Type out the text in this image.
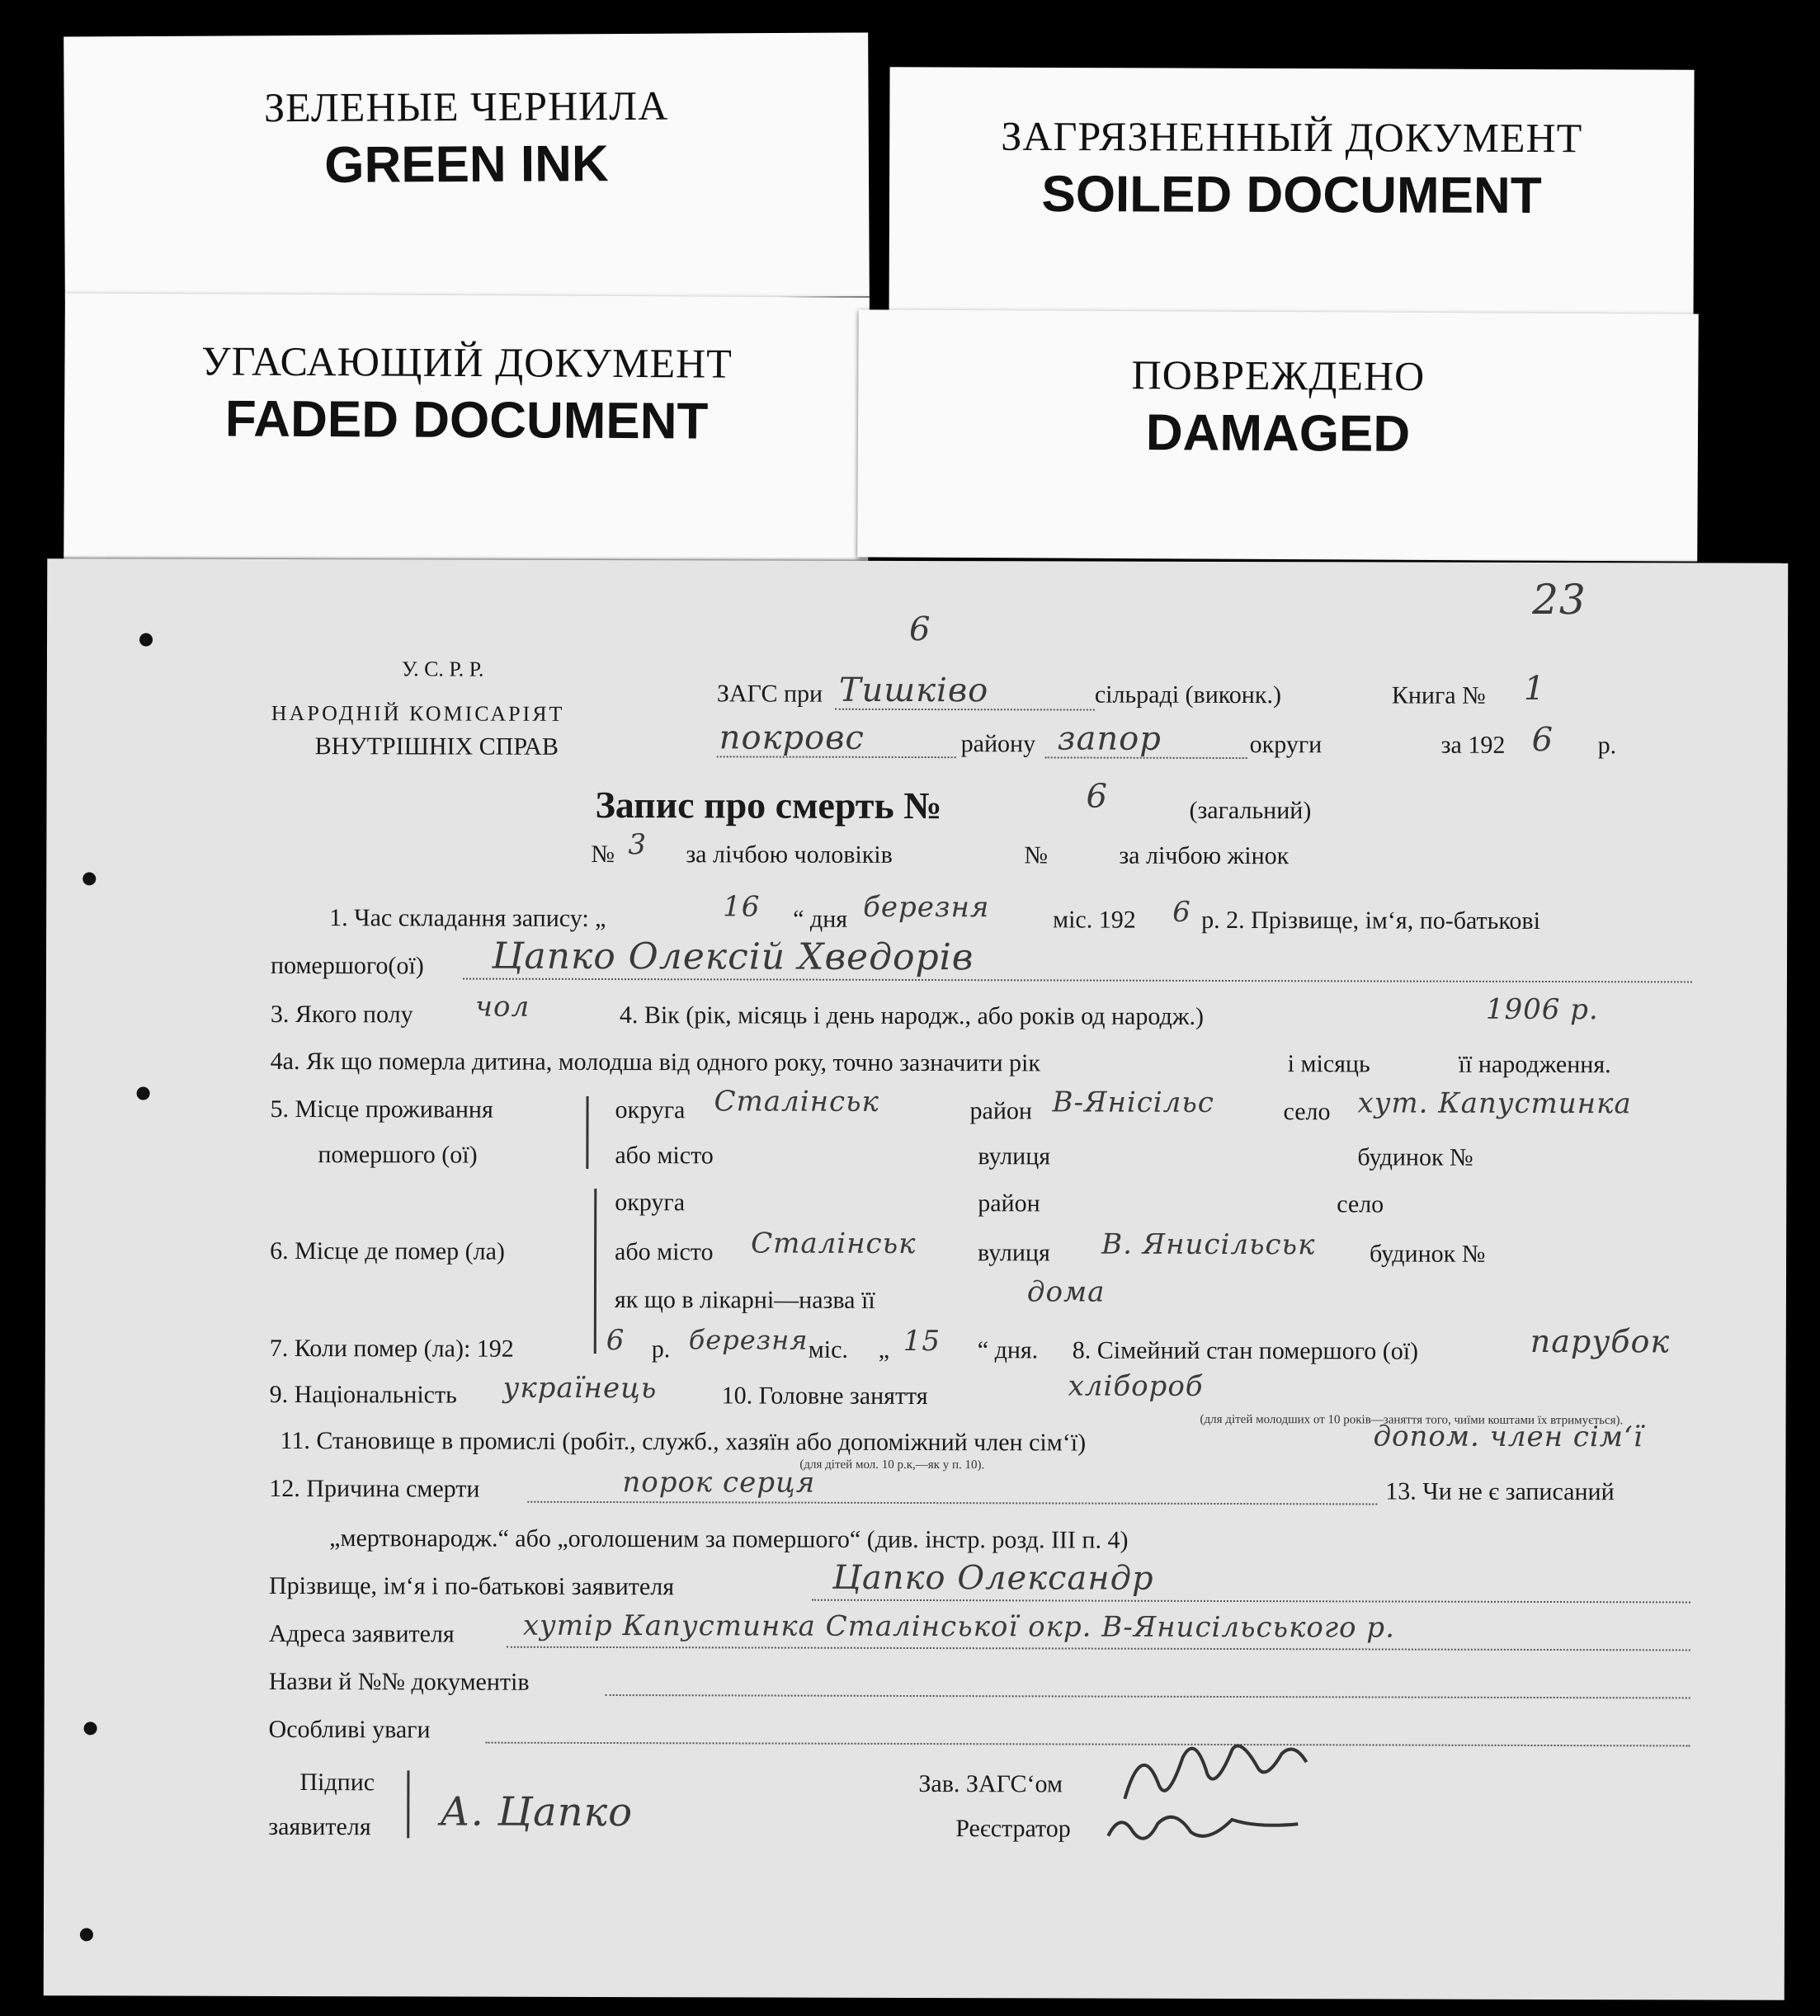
ЗЕЛЕНЫЕ ЧЕРНИЛА
GREEN INK	ЗАГРЯЗНЕННЫЙ ДОКУМЕНТ
SOILED DOCUMENT
УГАСАЮЩИЙ ДОКУМЕНТ
FADED DOCUMENT
ПОВРЕЖДЕНО
DAMAGED
23
6
У. С. Р. Р.
НАРОДНІЙ КОМІСАРІЯТ
ВНУТРІШНІХ СПРАВ
ЗАГС при Тишківо	сільраді (виконк.)	Книга № 1
покровс	району запор	округи	за 192 6 р.
Запис про смерть №	6	(загальний)
№ 3 за лічбою чоловіків	№	за лічбою жінок
1. Час складання запису: „	16 “ дня березня	міс. 192 6 р. 2. Прізвище, ім‘я, по-батькові
помершого(ої) Цапко Олексій Хведорів
3. Якого полу чол	4. Вік (рік, місяць і день народж., або років од народж.)	1906 р.
4а. Як що померла дитина, молодша від одного року, точно зазначити рік	і місяць	її народження.
5. Місце проживання
помершого (ої)
округа Сталінськ	район В-Янісільс	село хут. Капустинка
або місто	вулиця	будинок №
округа	район	село
6. Місце де помер (ла)	або місто Сталінськ вулиця В. Янисільськ будинок №
як що в лікарні—назва її	дома
7. Коли помер (ла): 192	6 р. березня міс. „ 15 “ дня. 8. Сімейний стан помершого (ої)	парубок
9. Національність українець	10. Головне заняття	хлібороб
(для дітей молодших от 10 років—заняття того, чиїми коштами їх втримується).
11. Становище в промислі (робіт., служб., хазяїн або допоміжний член сім‘ї)	допом. член сім‘ї
(для дітей мол. 10 р.к,—як у п. 10).
12. Причина смерти	порок серця	13. Чи не є записаний
„мертвонародж.“ або „оголошеним за помершого“ (див. інстр. розд. ІІІ п. 4)
Прізвище, ім‘я і по-батькові заявителя	Цапко Олександр
Адреса заявителя хутір Капустинка Сталінської окр. В-Янисільського р.
Назви й №№ документів
Особливі уваги
Підпис
заявителя А. Цапко
Зав. ЗАГС‘ом
Реєстратор
